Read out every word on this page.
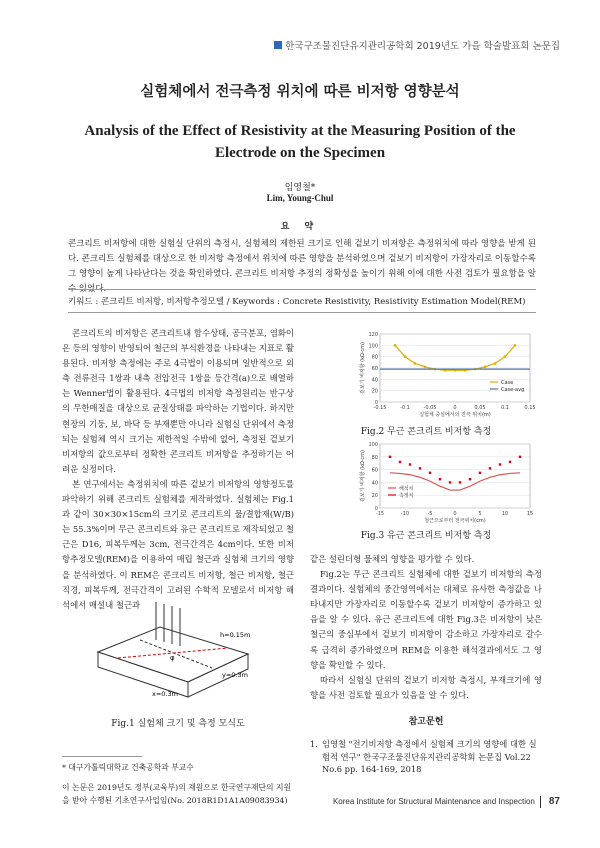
한국구조물진단유지관리공학회 2019년도 가을 학술발표회 논문집
실험체에서 전극측정 위치에 따른 비저항 영향분석
Analysis of the Effect of Resistivity at the Measuring Position of the Electrode on the Specimen
임영철*
Lim, Young-Chul
요 약
콘크리트 비저항에 대한 실험실 단위의 측정시, 실험체의 제한된 크기로 인해 겉보기 비저항은 측정위치에 따라 영향을 받게 된다. 콘크리트 실험체를 대상으로 한 비저항 측정에서 위치에 따른 영향을 분석하였으며 겉보기 비저항이 가장자리로 이동할수록 그 영향이 높게 나타난다는 것을 확인하였다. 콘크리트 비저항 추정의 정확성을 높이기 위해 이에 대한 사전 검토가 필요함을 알 수 있었다.
키워드 : 콘크리트 비저항, 비저항추정모델 / Keywords : Concrete Resistivity, Resistivity Estimation Model(REM)

콘크리트의 비저항은 콘크리트내 함수상태, 공극분포, 염화이온 등의 영향이 반영되어 철근의 부식환경을 나타내는 지표로 활용된다. 비저항 측정에는 주로 4극법이 이용되며 일반적으로 외측 전류전극 1쌍과 내측 전압전극 1쌍을 등간격(a)으로 배열하는 Wenner법이 활용된다. 4극법의 비저항 측정원리는 반구상의 무한매질을 대상으로 균질상태를 파악하는 기법이다. 하지만 현장의 기둥, 보, 바닥 등 부재뿐만 아니라 실험실 단위에서 측정되는 실험체 역시 크기는 제한적일 수밖에 없어, 측정된 겉보기 비저항의 값으로부터 정확한 콘크리트 비저항을 추정하기는 어려운 실정이다.

본 연구에서는 측정위치에 따른 겉보기 비저항의 영향정도를 파악하기 위해 콘크리트 실험체를 제작하였다. 실험체는 Fig.1과 같이 30×30×15cm의 크기로 콘크리트의 물/결합재(W/B)는 55.3%이며 무근 콘크리트와 유근 콘크리트로 제작되었고 철근은 D16, 피복두께는 3cm, 전극간격은 4cm이다. 또한 비저항추정모델(REM)을 이용하여 매립 철근과 실험체 크기의 영향을 분석하였다. 이 REM은 콘크리트 비저항, 철근 비저항, 철근직경, 피복두께, 전극간격이 고려된 수학적 모델로서 비저항 해석에서 매설내 철근과

φ
h=0.15m
y=0.3m
x=0.3m
Fig.1 실험체 크기 및 측정 모식도
0
20
40
60
80
100
120
-0.15	-0.1	-0.05	0	0.05	0.1	0.15
실험체 중심에서의 전극 위치(m)
겉보기 비저항 (kΩ·cm)	Case
Case-avg
Fig.2 무근 콘크리트 비저항 측정
0
20
40
60
80
100
-15	-10	-5	0	5	10	15
철근으로부터 전극위치(cm)
겉보기 비저항 (kΩ·cm)	해석치
측정치
Fig.3 유근 콘크리트 비저항 측정

같은 설린더형 물체의 영향을 평가할 수 있다.

Fig.2는 무근 콘크리트 실험체에 대한 겉보기 비저항의 측정결과이다. 실험체의 중간영역에서는 대체로 유사한 측정값을 나타내지만 가장자리로 이동할수록 겉보기 비저항이 증가하고 있음을 알 수 있다. 유근 콘크리트에 대한 Fig.3은 비저항이 낮은 철근의 중심부에서 겉보기 비저항이 감소하고 가장자리로 갈수록 급격히 증가하였으며 REM을 이용한 해석결과에서도 그 영향을 확인할 수 있다.

따라서 실험실 단위의 겉보기 비저항 측정시, 부재크기에 영향을 사전 검토할 필요가 있음을 알 수 있다.

* 대구가톨릭대학교 건축공학과 부교수
이 논문은 2019년도 정부(교육부)의 재원으로 한국연구재단의 지원을 받아 수행된 기초연구사업임(No. 2018R1D1A1A09083934)
참고문헌
1. 임영철 "전기비저항 측정에서 실험체 크기의 영향에 대한 실험적 연구" 한국구조물진단유지관리공학회 논문집 Vol.22 No.6 pp. 164-169, 2018
Korea Institute for Structural Maintenance and Inspection 87
